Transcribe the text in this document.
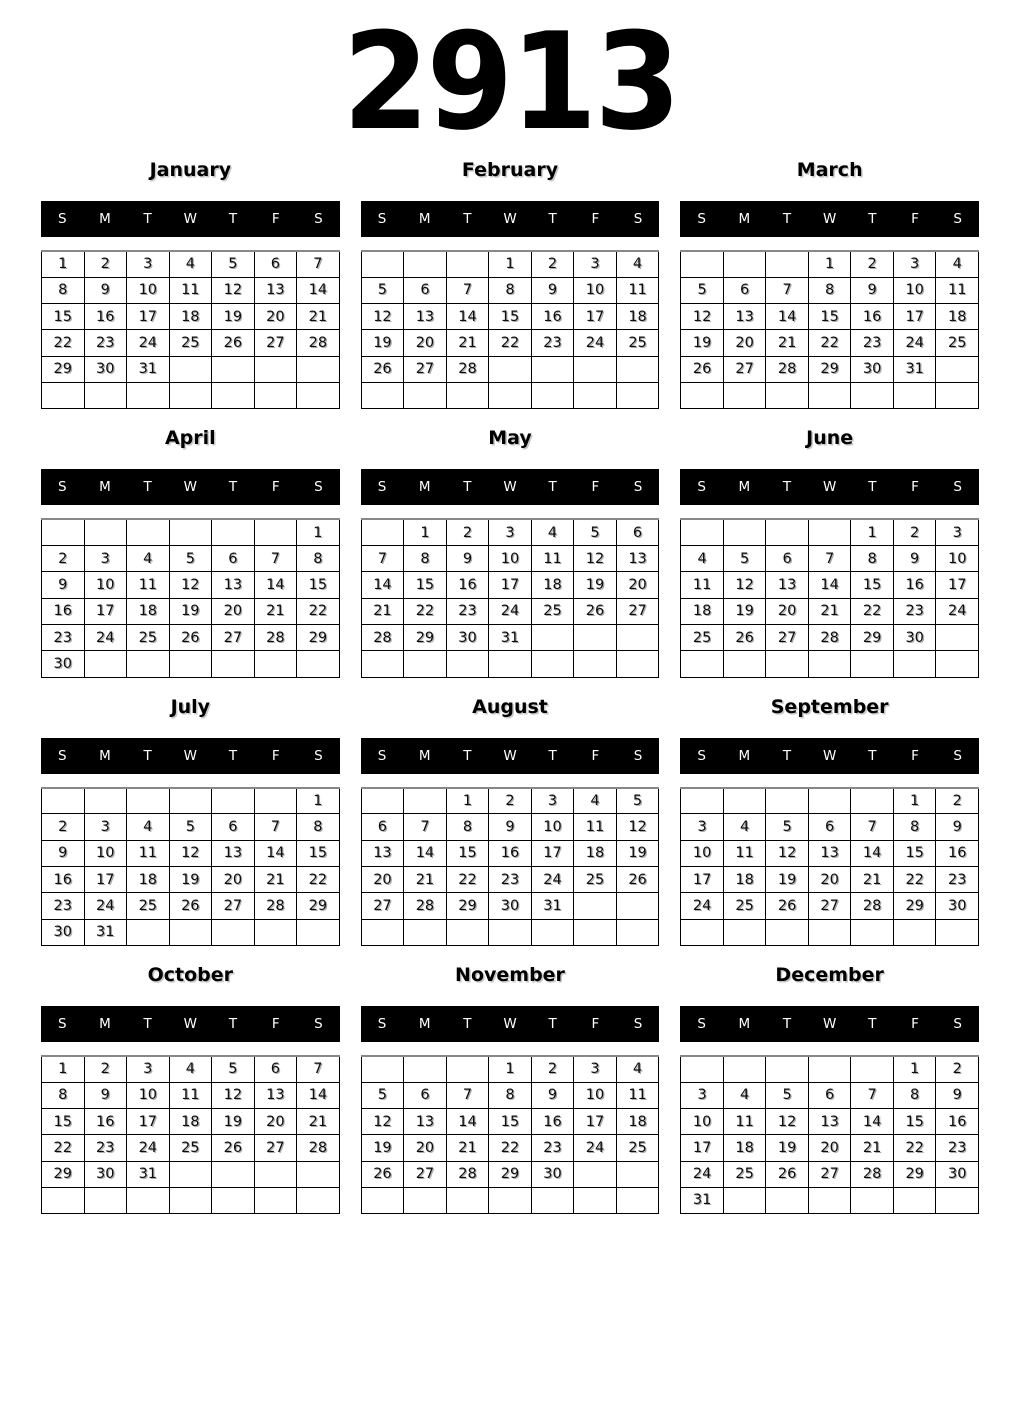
2913
January
S	M	T	W	T	F	S
1	2	3	4	5	6	7
8	9	10	11	12	13	14
15	16	17	18	19	20	21
22	23	24	25	26	27	28
29	30	31				

February
S	M	T	W	T	F	S
			1	2	3	4
5	6	7	8	9	10	11
12	13	14	15	16	17	18
19	20	21	22	23	24	25
26	27	28				

March
S	M	T	W	T	F	S
			1	2	3	4
5	6	7	8	9	10	11
12	13	14	15	16	17	18
19	20	21	22	23	24	25
26	27	28	29	30	31	

April
S	M	T	W	T	F	S
						1
2	3	4	5	6	7	8
9	10	11	12	13	14	15
16	17	18	19	20	21	22
23	24	25	26	27	28	29
30						
May
S	M	T	W	T	F	S
	1	2	3	4	5	6
7	8	9	10	11	12	13
14	15	16	17	18	19	20
21	22	23	24	25	26	27
28	29	30	31			

June
S	M	T	W	T	F	S
				1	2	3
4	5	6	7	8	9	10
11	12	13	14	15	16	17
18	19	20	21	22	23	24
25	26	27	28	29	30	

July
S	M	T	W	T	F	S
						1
2	3	4	5	6	7	8
9	10	11	12	13	14	15
16	17	18	19	20	21	22
23	24	25	26	27	28	29
30	31					
August
S	M	T	W	T	F	S
		1	2	3	4	5
6	7	8	9	10	11	12
13	14	15	16	17	18	19
20	21	22	23	24	25	26
27	28	29	30	31		

September
S	M	T	W	T	F	S
					1	2
3	4	5	6	7	8	9
10	11	12	13	14	15	16
17	18	19	20	21	22	23
24	25	26	27	28	29	30

October
S	M	T	W	T	F	S
1	2	3	4	5	6	7
8	9	10	11	12	13	14
15	16	17	18	19	20	21
22	23	24	25	26	27	28
29	30	31				

November
S	M	T	W	T	F	S
			1	2	3	4
5	6	7	8	9	10	11
12	13	14	15	16	17	18
19	20	21	22	23	24	25
26	27	28	29	30		

December
S	M	T	W	T	F	S
					1	2
3	4	5	6	7	8	9
10	11	12	13	14	15	16
17	18	19	20	21	22	23
24	25	26	27	28	29	30
31						
